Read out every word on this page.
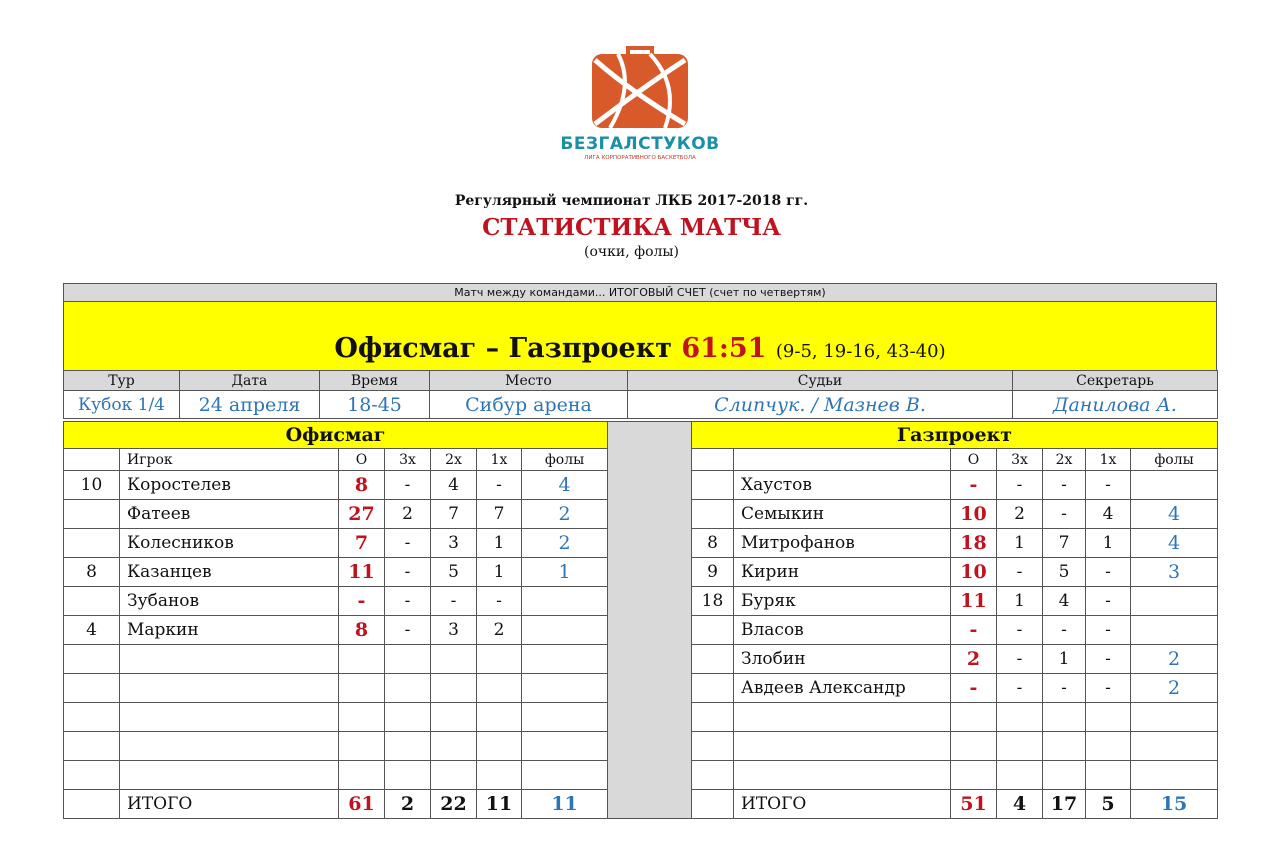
БЕЗГАЛСТУКОВ
ЛИГА КОРПОРАТИВНОГО БАСКЕТБОЛА
Регулярный чемпионат ЛКБ 2017-2018 гг.
СТАТИСТИКА МАТЧА
(очки, фолы)
Матч между командами... ИТОГОВЫЙ СЧЕТ (счет по четвертям)
Офисмаг – Газпроект 61:51 (9-5, 19-16, 43-40)
Тур	Дата	Время	Место	Судьи	Секретарь
Кубок 1/4	24 апреля	18-45	Сибур арена	Слипчук. / Мазнев В.	Данилова А.
Офисмаг						
	Игрок	О	3х	2х	1х	фолы
10	Коростелев	8	-	4	-	4
	Фатеев	27	2	7	7	2
	Колесников	7	-	3	1	2
8	Казанцев	11	-	5	1	1
	Зубанов	-	-	-	-	
4	Маркин	8	-	3	2	

	ИТОГО	61	2	22	11	11
Газпроект						
		О	3х	2х	1х	фолы
	Хаустов	-	-	-	-	
	Семыкин	10	2	-	4	4
8	Митрофанов	18	1	7	1	4
9	Кирин	10	-	5	-	3
18	Буряк	11	1	4	-	
	Власов	-	-	-	-	
	Злобин	2	-	1	-	2
	Авдеев Александр	-	-	-	-	2

	ИТОГО	51	4	17	5	15
